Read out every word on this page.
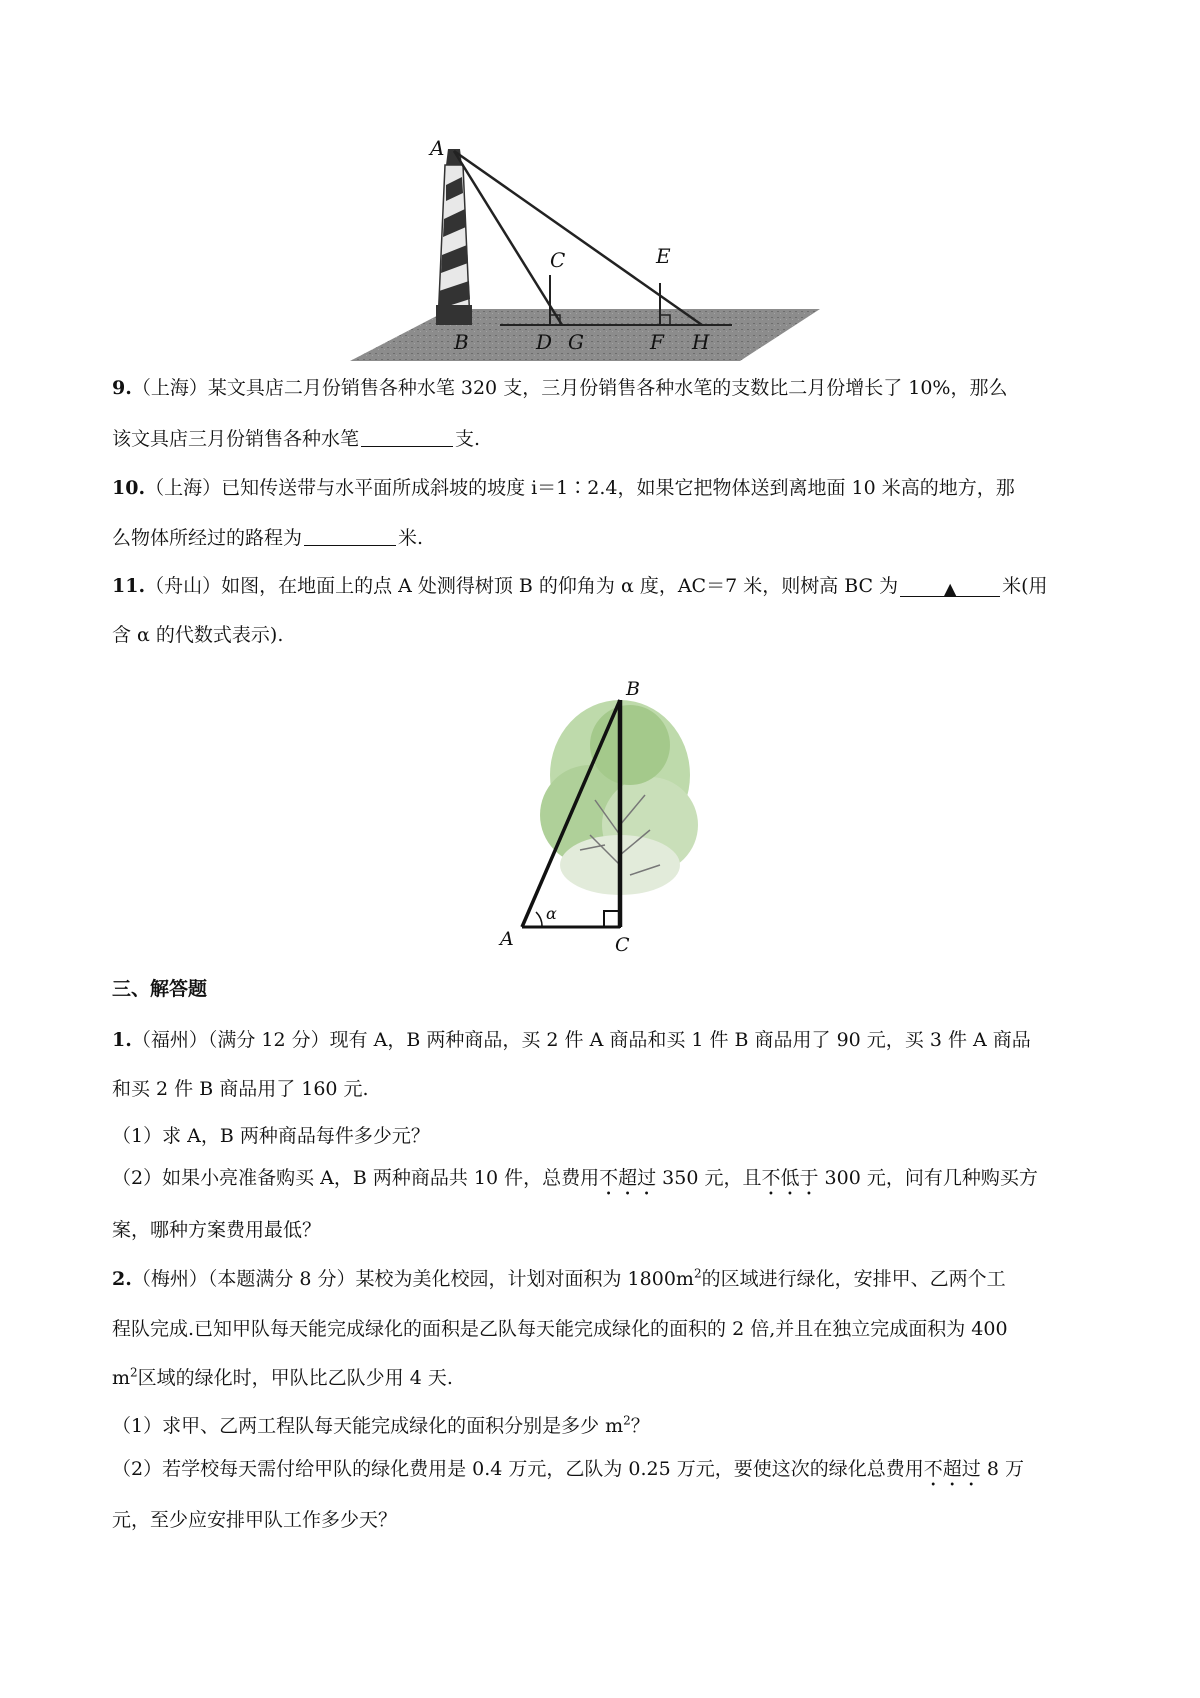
A
C	E
B	D G	F H
9.（上海）某文具店二月份销售各种水笔 320 支，三月份销售各种水笔的支数比二月份增长了 10%，那么
该文具店三月份销售各种水笔	支.
10.（上海）已知传送带与水平面所成斜坡的坡度 i＝1∶2.4，如果它把物体送到离地面 10 米高的地方，那
么物体所经过的路程为	米.
11.（舟山）如图，在地面上的点 A 处测得树顶 B 的仰角为 α 度，AC＝7 米，则树高 BC 为	▲ 米(用
含 α 的代数式表示).
α
B
A	C
三、解答题
1.（福州）（满分 12 分）现有 A，B 两种商品，买 2 件 A 商品和买 1 件 B 商品用了 90 元，买 3 件 A 商品
和买 2 件 B 商品用了 160 元.
（1）求 A，B 两种商品每件多少元？
（2）如果小亮准备购买 A，B 两种商品共 10 件，总费用不超过 350 元，且不低于 300 元，问有几种购买方
案，哪种方案费用最低？
2.（梅州）（本题满分 8 分）某校为美化校园，计划对面积为 $1800m^2$的区域进行绿化，安排甲、乙两个工
程队完成.已知甲队每天能完成绿化的面积是乙队每天能完成绿化的面积的 2 倍,并且在独立完成面积为 400
$m^2$区域的绿化时，甲队比乙队少用 4 天.
（1）求甲、乙两工程队每天能完成绿化的面积分别是多少 $m^2$？
（2）若学校每天需付给甲队的绿化费用是 0.4 万元，乙队为 0.25 万元，要使这次的绿化总费用不超过 8 万
元，至少应安排甲队工作多少天？
